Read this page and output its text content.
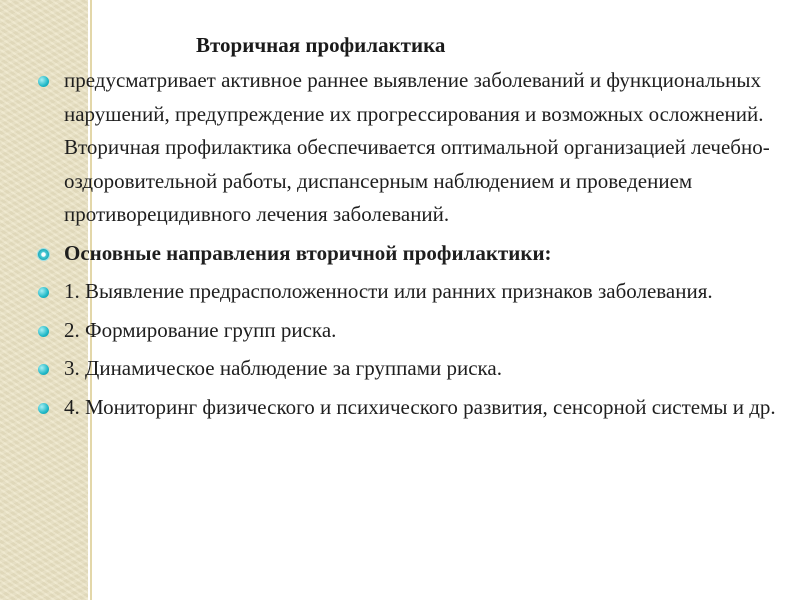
Вторичная профилактика
предусматривает активное раннее выявление заболеваний и функциональных нарушений, предупреждение их прогрессирования и возможных осложнений. Вторичная профилактика обеспечивается оптимальной организацией лечебно-оздоровительной работы, диспансерным наблюдением и проведением противорецидивного лечения заболеваний.
Основные направления вторичной профилактики:
1. Выявление предрасположенности или ранних признаков заболевания.
2. Формирование групп риска.
3. Динамическое наблюдение за группами риска.
4. Мониторинг физического и психического развития, сенсорной системы и др.
